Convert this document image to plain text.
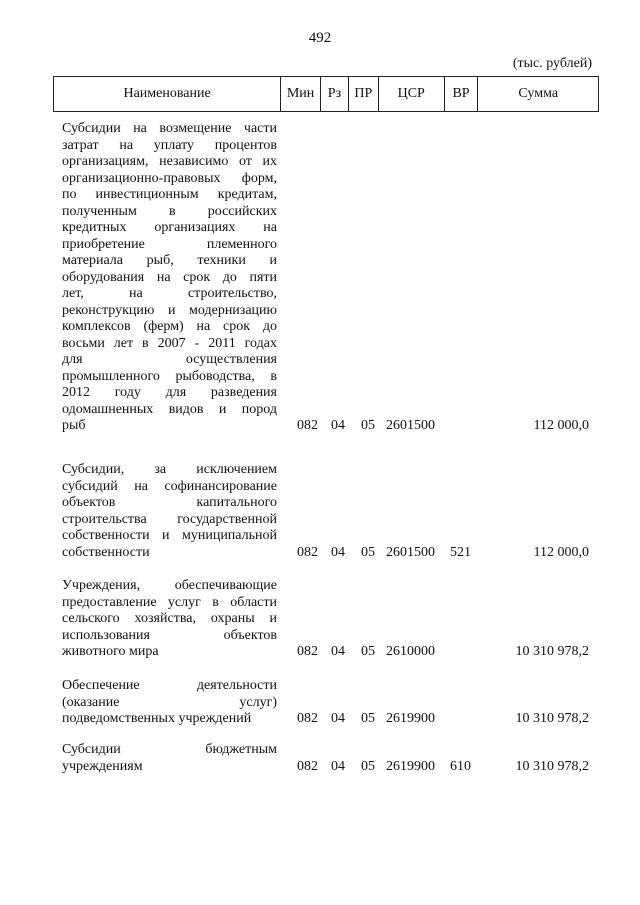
492
(тыс. рублей)
Наименование	Мин Рз ПР	ЦСР	ВР	Сумма
Субсидии на возмещение части
затрат на уплату процентов
организациям, независимо от их
организационно-правовых форм,
по инвестиционным кредитам,
полученным в российских
кредитных организациях на
приобретение племенного
материала рыб, техники и
оборудования на срок до пяти
лет, на строительство,
реконструкцию и модернизацию
комплексов (ферм) на срок до
восьми лет в 2007 - 2011 годах
для осуществления
промышленного рыбоводства, в
2012 году для разведения
одомашненных видов и пород
рыб	082 04 05 2601500	112 000,0
Субсидии, за исключением
субсидий на софинансирование
объектов капитального
строительства государственной
собственности и муниципальной
собственности	082 04 05 2601500 521	112 000,0
Учреждения, обеспечивающие
предоставление услуг в области
сельского хозяйства, охраны и
использования объектов
животного мира	082 04 05 2610000	10 310 978,2
Обеспечение деятельности
(оказание услуг)
подведомственных учреждений	082 04 05 2619900	10 310 978,2
Субсидии бюджетным
учреждениям	082 04 05 2619900 610	10 310 978,2
